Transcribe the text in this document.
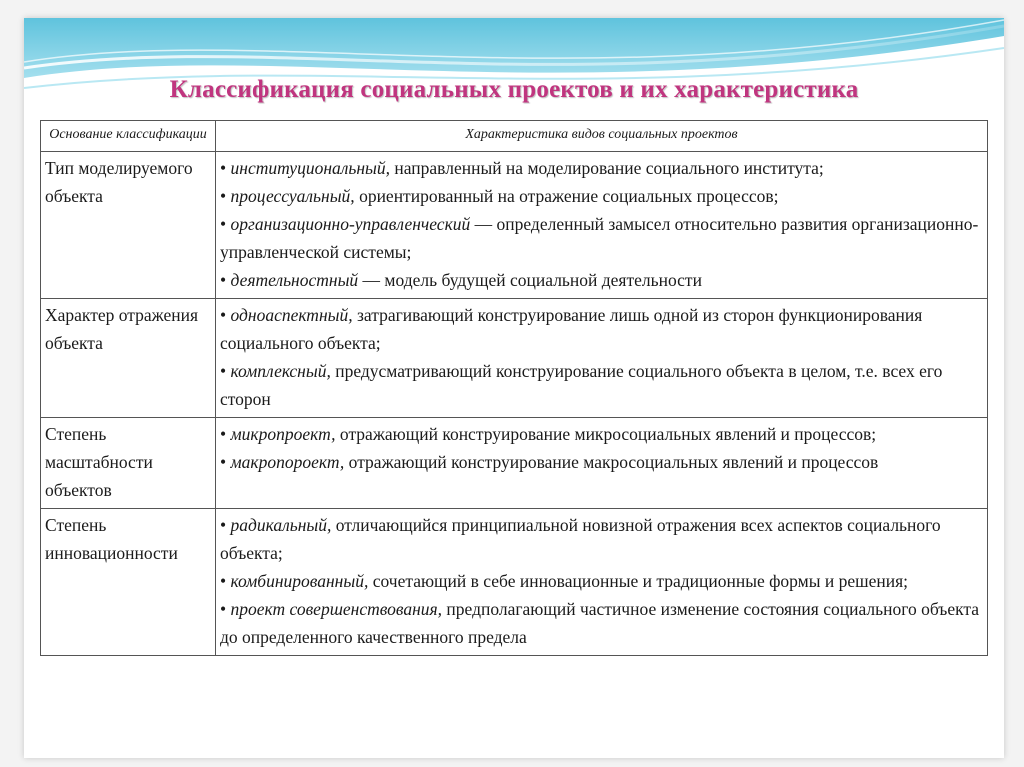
Классификация социальных проектов и их характеристика
Основание классификации	Характеристика видов социальных проектов
Тип моделируемого объекта	• институциональный, направленный на моделирование социального института;
• процессуальный, ориентированный на отражение социальных процессов;
• организационно-управленческий — определенный замысел относительно развития организационно-управленческой системы;
• деятельностный — модель будущей социальной деятельности

Характер отражения объекта	• одноаспектный, затрагивающий конструирование лишь одной из сторон функционирования социального объекта;
• комплексный, предусматривающий конструирование социального объекта в целом, т.е. всех его сторон

Степень масштабности объектов	• микропроект, отражающий конструирование микросоциальных явлений и процессов;
• макропороект, отражающий конструирование макросоциальных явлений и процессов

Степень инновационности	• радикальный, отличающийся принципиальной новизной отражения всех аспектов социального объекта;
• комбинированный, сочетающий в себе инновационные и традиционные формы и решения;
• проект совершенствования, предполагающий частичное изменение состояния социального объекта до определенного качественного предела
